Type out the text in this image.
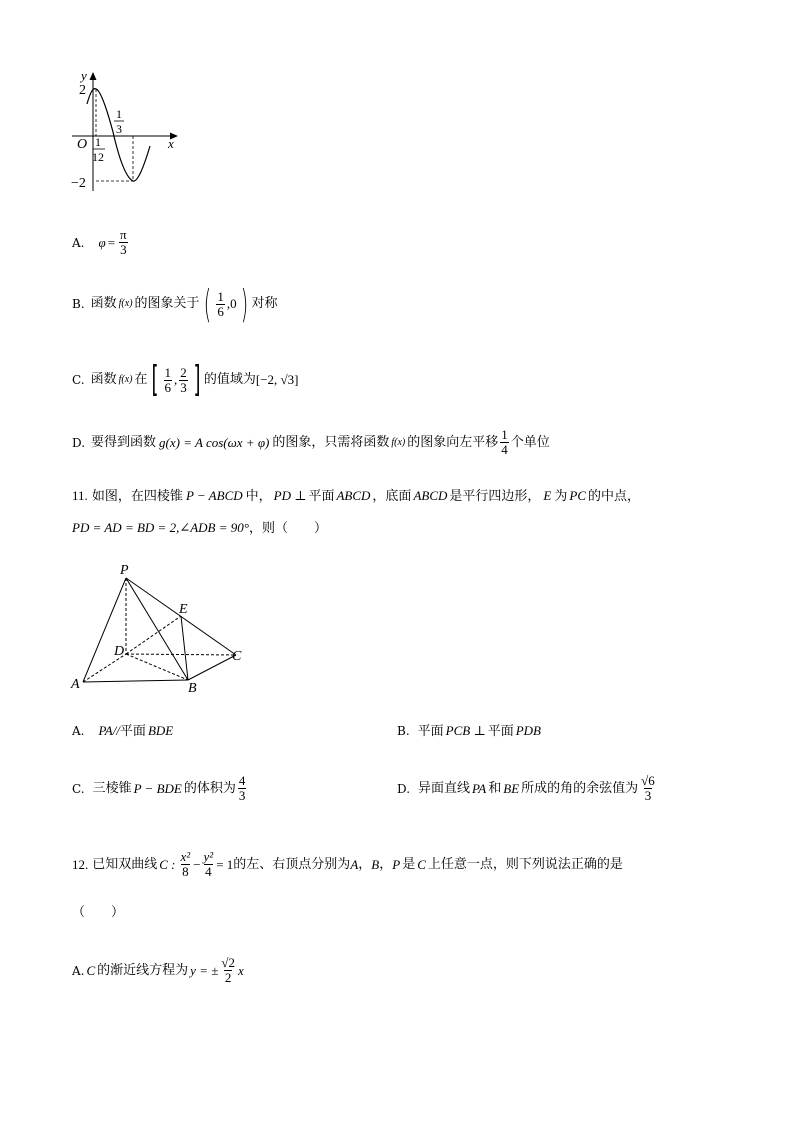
y
x
O
2
−2
1
12
1
3
A. $\varphi = \frac{\pi}{3}$
B. 函数 f(x) 的图象关于 ( $\frac{1}{6} ,0$ ) 对称
C. 函数 f(x) 在 [ $\frac{1}{6}$ , $\frac{2}{3}$ ] 的值域为 [−2, √3]
D. 要得到函数 g(x) = A cos(ωx + φ) 的图象，只需将函数 f(x) 的图象向左平移 $\frac{1}{4}$ 个单位
11. 如图，在四棱锥 P − ABCD 中， PD ⊥ 平面 ABCD ，底面 ABCD 是平行四边形， E 为 PC 的中点，
PD = AD = BD = 2,∠ADB = 90°，则（　　）
P
E
D	C
A	B
A. PA//平面 BDE	B. 平面 PCB ⊥ 平面 PDB
C. 三棱锥 P − BDE 的体积为 $\frac{4}{3}$	D. 异面直线 PA 和 BE 所成的角的余弦值为 $\frac{√6}{3}$
12. 已知双曲线 C : $\frac{\text{x²}}{8} - \frac{\text{y²}}{4} = 1$ 的左、右顶点分别为 A ， B ， P 是 C 上任意一点，则下列说法正确的是
（　　）
A. C 的渐近线方程为 y = ± $\frac{√2}{2}$ x
